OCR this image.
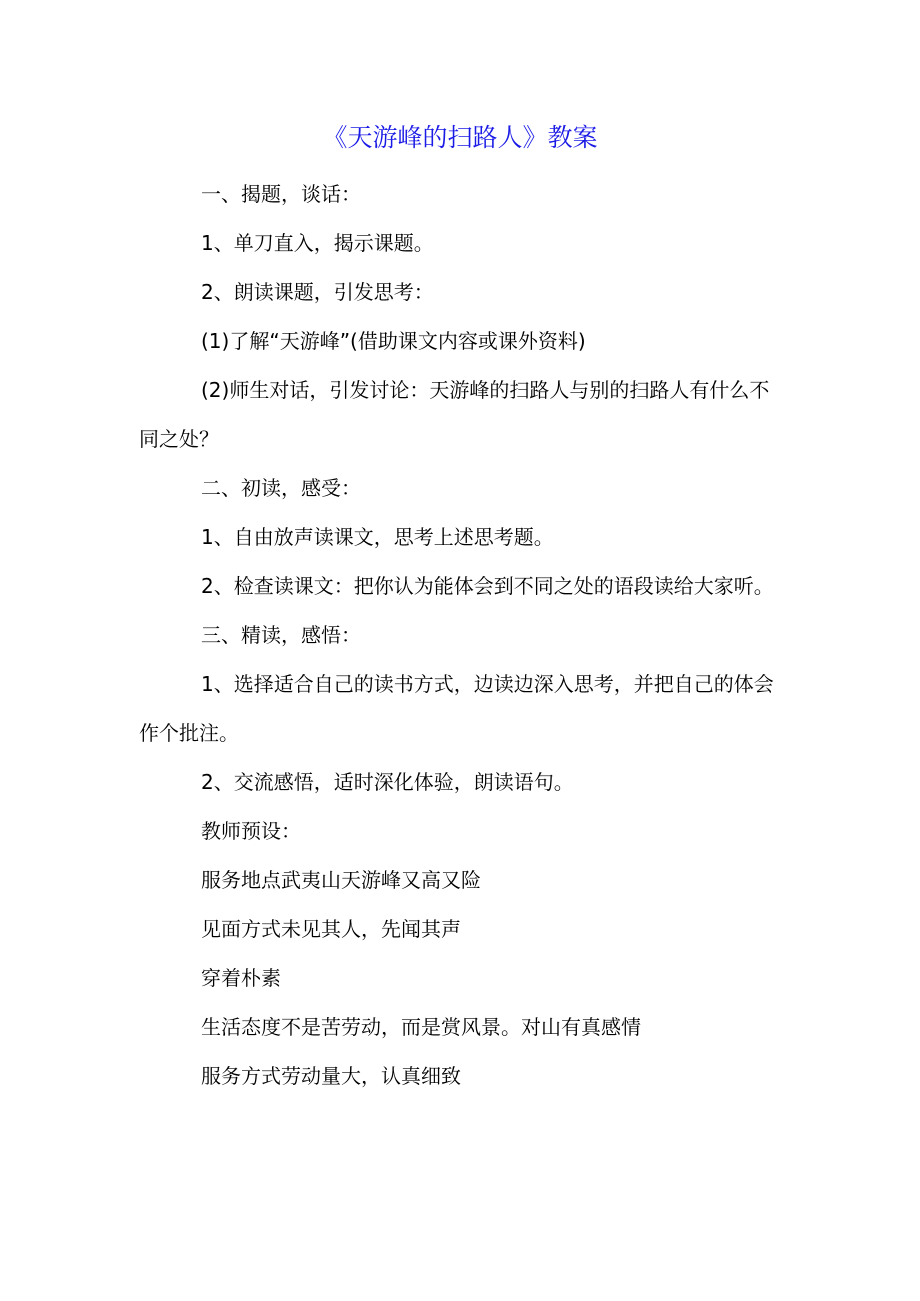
《天游峰的扫路人》教案

一、揭题，谈话：

1、单刀直入，揭示课题。

2、朗读课题，引发思考：

(1)了解“天游峰”(借助课文内容或课外资料)

(2)师生对话，引发讨论：天游峰的扫路人与别的扫路人有什么不同之处？

二、初读，感受：

1、自由放声读课文，思考上述思考题。

2、检查读课文：把你认为能体会到不同之处的语段读给大家听。

三、精读，感悟：

1、选择适合自己的读书方式，边读边深入思考，并把自己的体会作个批注。

2、交流感悟，适时深化体验，朗读语句。

教师预设：

服务地点武夷山天游峰又高又险

见面方式未见其人，先闻其声

穿着朴素

生活态度不是苦劳动，而是赏风景。对山有真感情

服务方式劳动量大，认真细致
